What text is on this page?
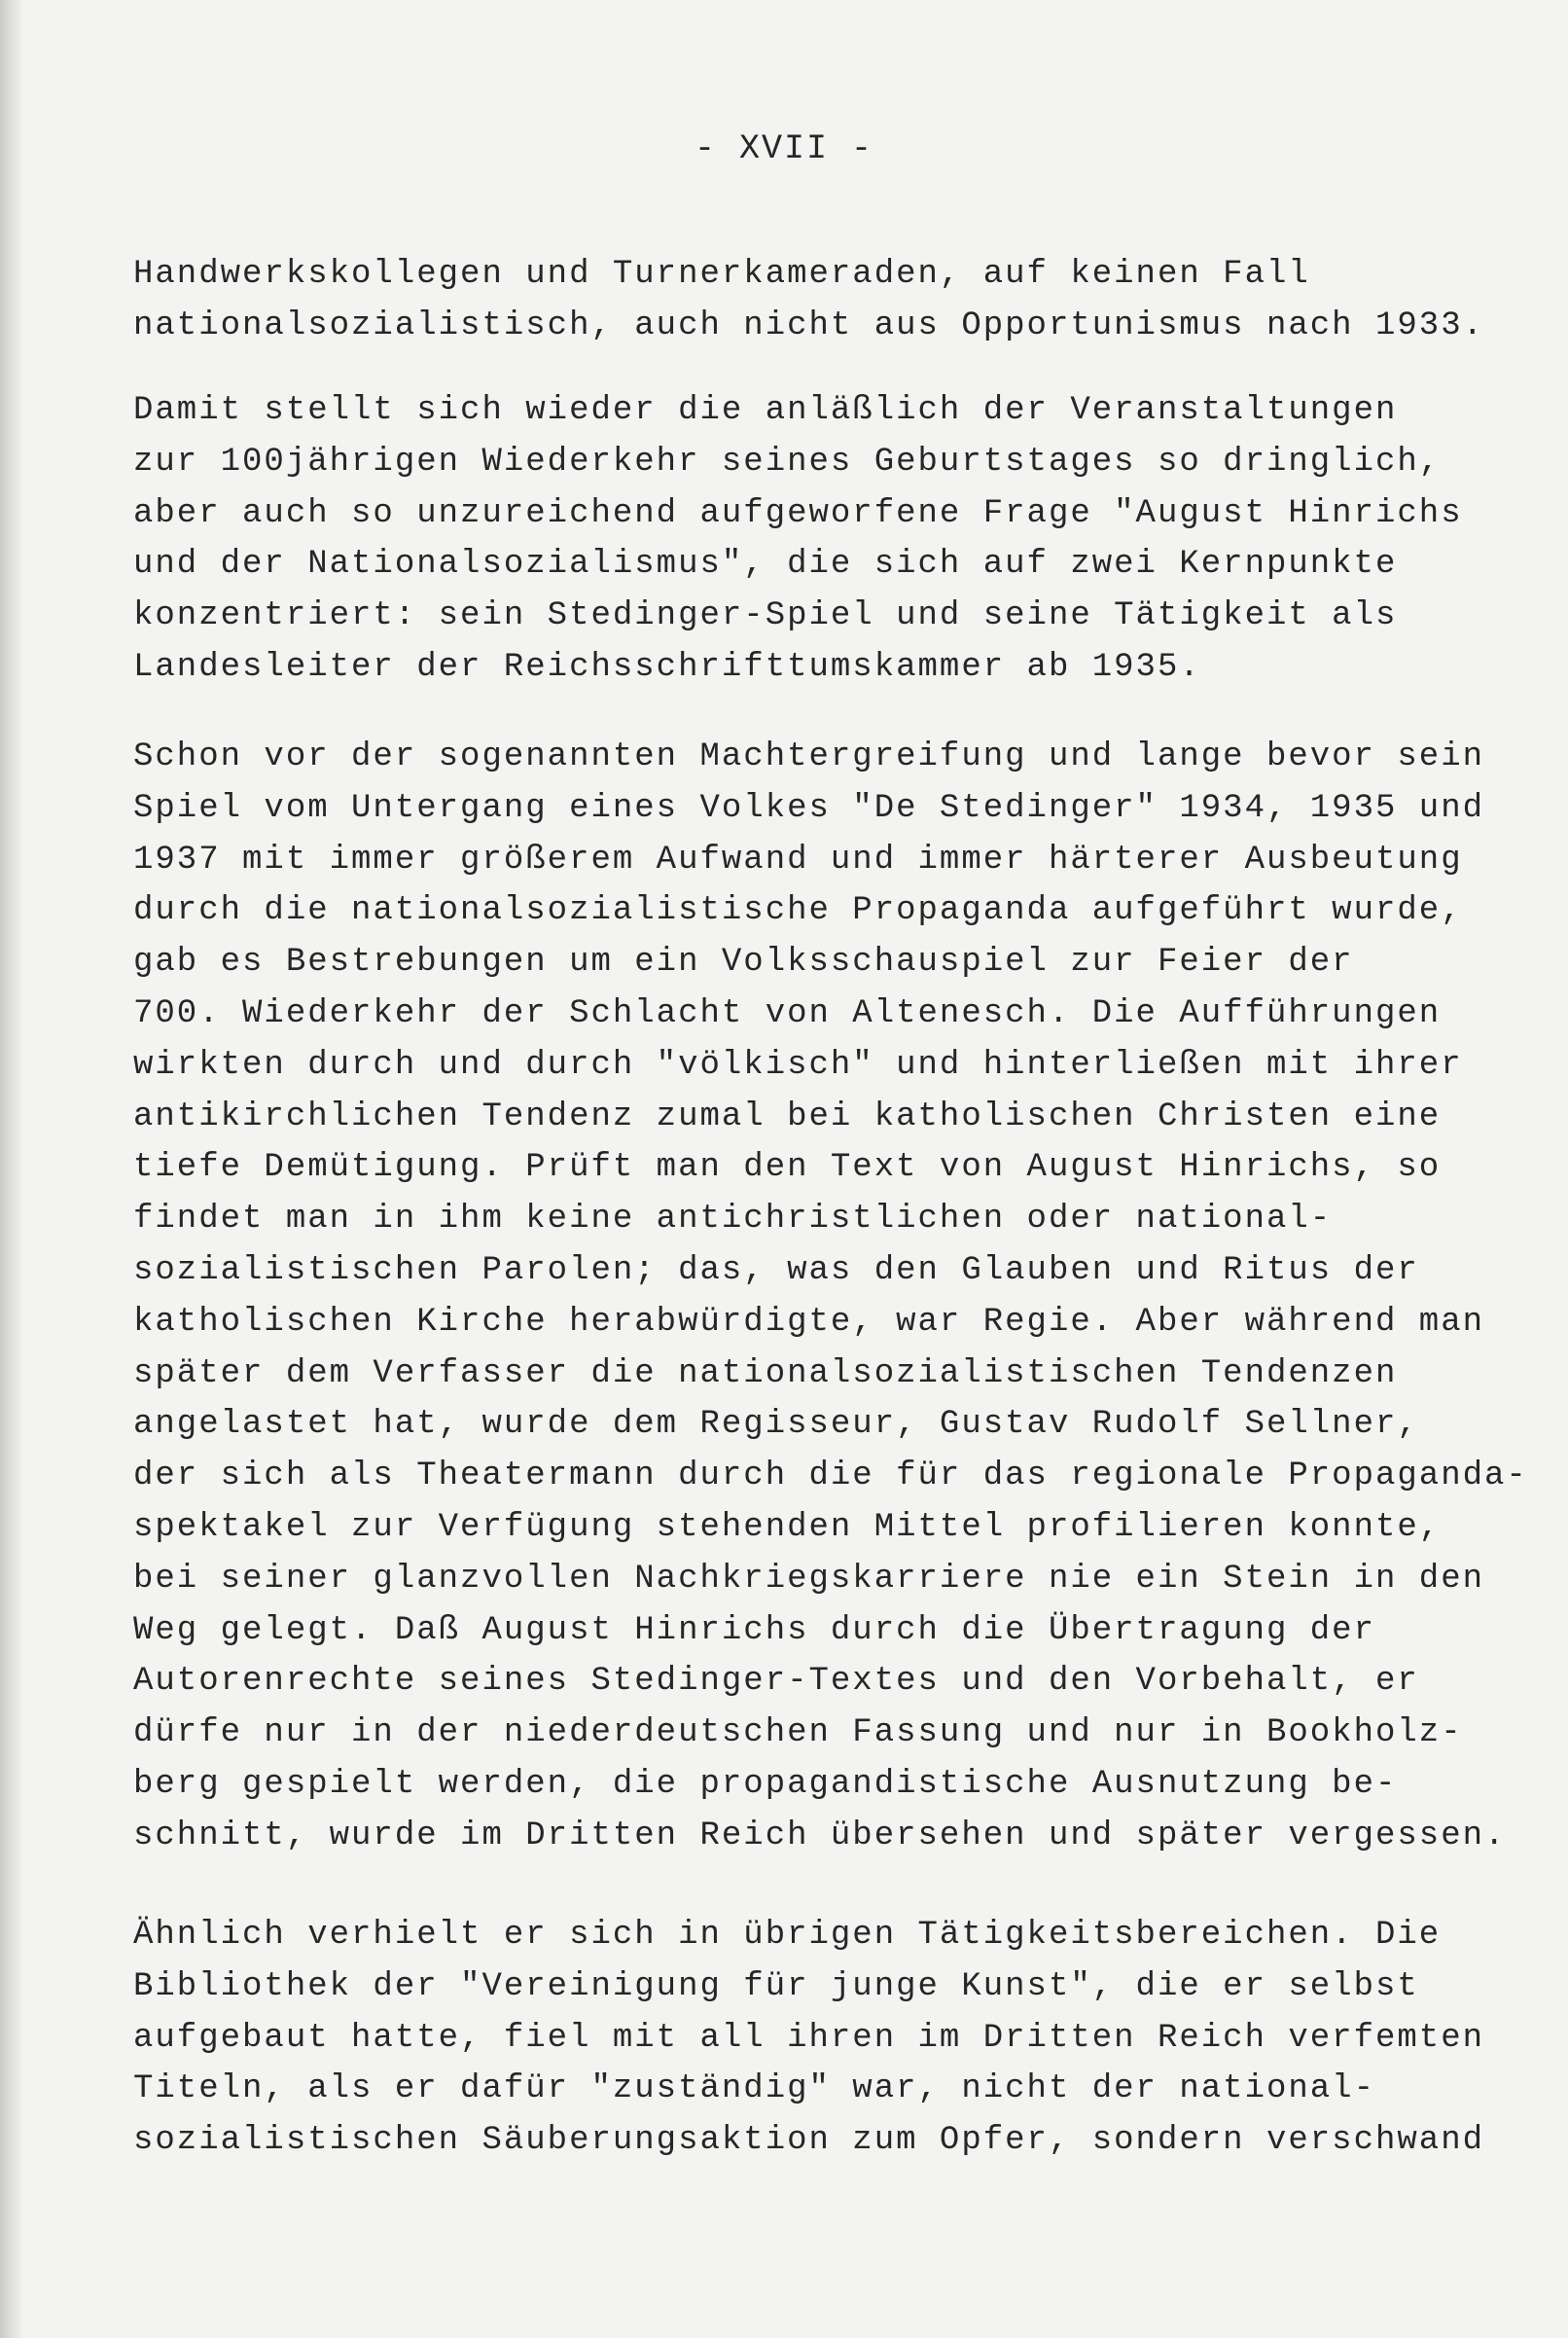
- XVII -
Handwerkskollegen und Turnerkameraden, auf keinen Fall
nationalsozialistisch, auch nicht aus Opportunismus nach 1933.
Damit stellt sich wieder die anläßlich der Veranstaltungen
zur 100jährigen Wiederkehr seines Geburtstages so dringlich,
aber auch so unzureichend aufgeworfene Frage "August Hinrichs
und der Nationalsozialismus", die sich auf zwei Kernpunkte
konzentriert: sein Stedinger-Spiel und seine Tätigkeit als
Landesleiter der Reichsschrifttumskammer ab 1935.
Schon vor der sogenannten Machtergreifung und lange bevor sein
Spiel vom Untergang eines Volkes "De Stedinger" 1934, 1935 und
1937 mit immer größerem Aufwand und immer härterer Ausbeutung
durch die nationalsozialistische Propaganda aufgeführt wurde,
gab es Bestrebungen um ein Volksschauspiel zur Feier der
700. Wiederkehr der Schlacht von Altenesch. Die Aufführungen
wirkten durch und durch "völkisch" und hinterließen mit ihrer
antikirchlichen Tendenz zumal bei katholischen Christen eine
tiefe Demütigung. Prüft man den Text von August Hinrichs, so
findet man in ihm keine antichristlichen oder national-
sozialistischen Parolen; das, was den Glauben und Ritus der
katholischen Kirche herabwürdigte, war Regie. Aber während man
später dem Verfasser die nationalsozialistischen Tendenzen
angelastet hat, wurde dem Regisseur, Gustav Rudolf Sellner,
der sich als Theatermann durch die für das regionale Propaganda-
spektakel zur Verfügung stehenden Mittel profilieren konnte,
bei seiner glanzvollen Nachkriegskarriere nie ein Stein in den
Weg gelegt. Daß August Hinrichs durch die Übertragung der
Autorenrechte seines Stedinger-Textes und den Vorbehalt, er
dürfe nur in der niederdeutschen Fassung und nur in Bookholz-
berg gespielt werden, die propagandistische Ausnutzung be-
schnitt, wurde im Dritten Reich übersehen und später vergessen.
Ähnlich verhielt er sich in übrigen Tätigkeitsbereichen. Die
Bibliothek der "Vereinigung für junge Kunst", die er selbst
aufgebaut hatte, fiel mit all ihren im Dritten Reich verfemten
Titeln, als er dafür "zuständig" war, nicht der national-
sozialistischen Säuberungsaktion zum Opfer, sondern verschwand
